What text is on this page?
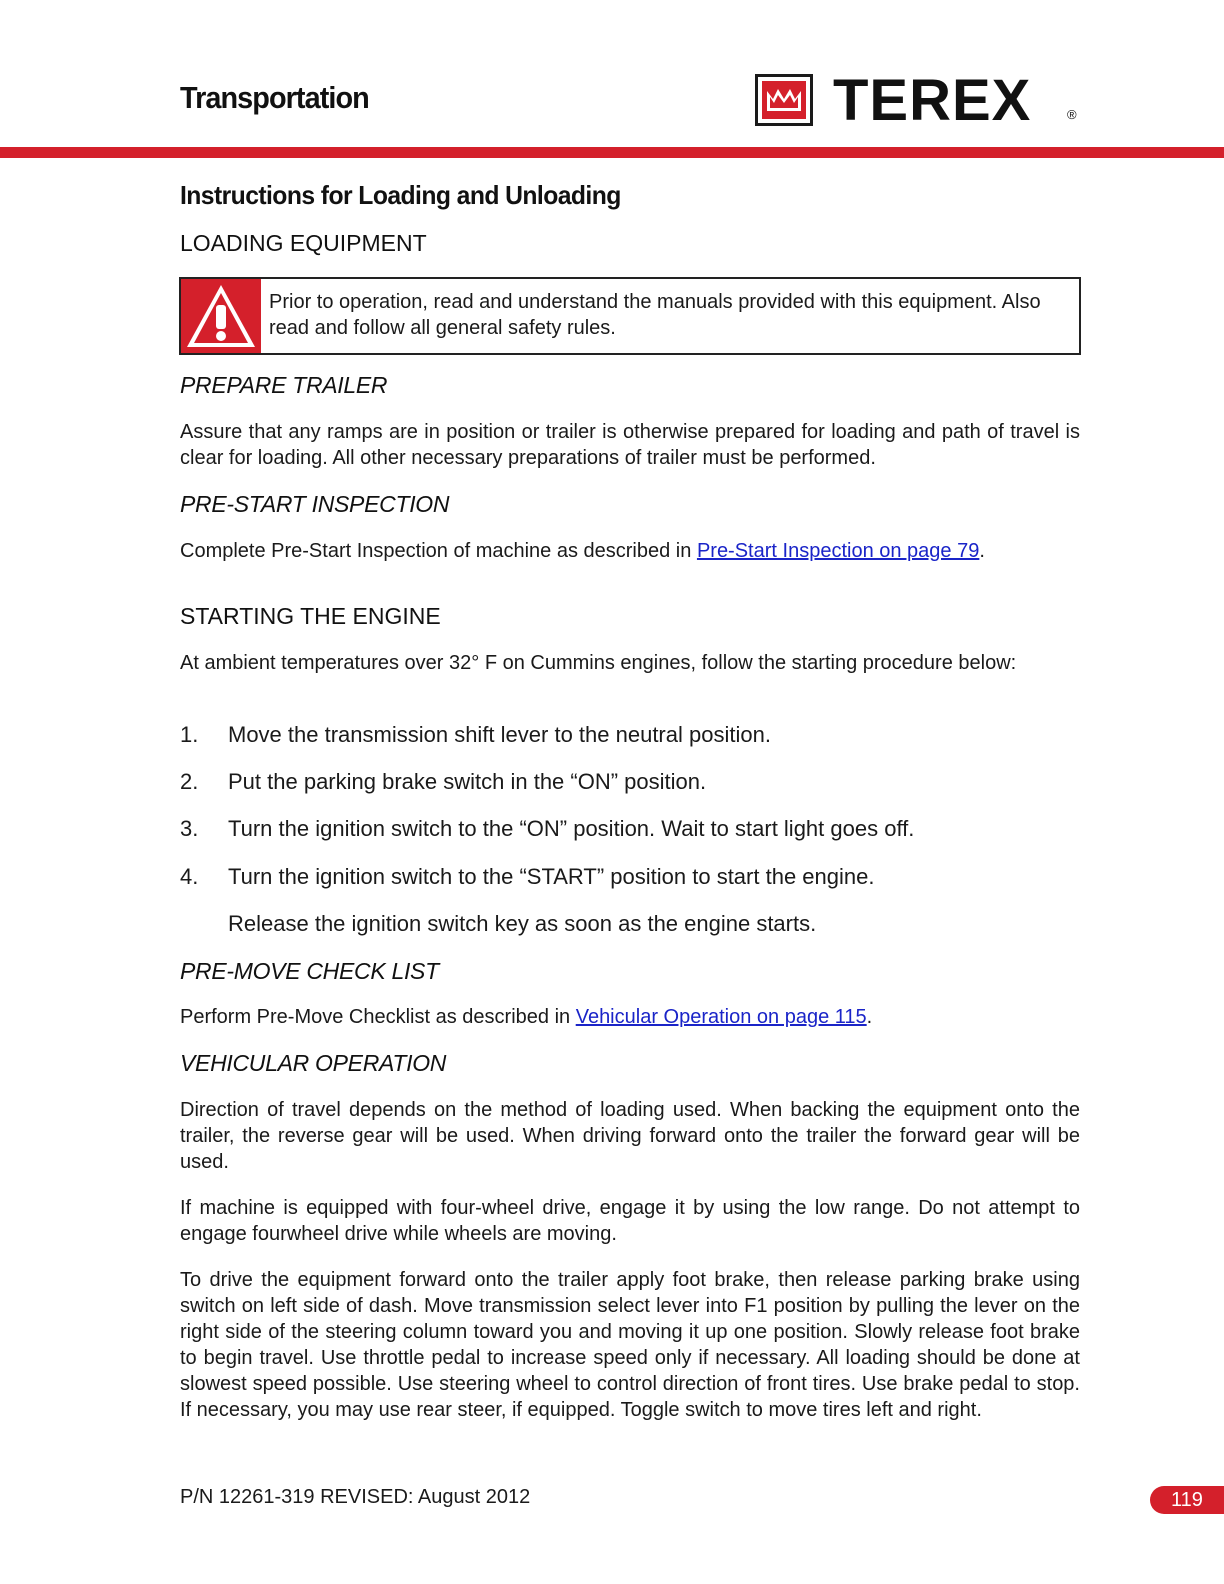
Transportation	TEREX	®
Instructions for Loading and Unloading
LOADING EQUIPMENT
Prior to operation, read and understand the manuals provided with this equipment. Also read and follow all general safety rules.
PREPARE TRAILER
Assure that any ramps are in position or trailer is otherwise prepared for loading and path of travel is clear for loading. All other necessary preparations of trailer must be performed.
PRE-START INSPECTION
Complete Pre-Start Inspection of machine as described in Pre-Start Inspection on page 79.
STARTING THE ENGINE
At ambient temperatures over 32° F on Cummins engines, follow the starting procedure below:
1. Move the transmission shift lever to the neutral position.
2. Put the parking brake switch in the “ON” position.
3. Turn the ignition switch to the “ON” position. Wait to start light goes off.
4. Turn the ignition switch to the “START” position to start the engine.
Release the ignition switch key as soon as the engine starts.
PRE-MOVE CHECK LIST
Perform Pre-Move Checklist as described in Vehicular Operation on page 115.
VEHICULAR OPERATION
Direction of travel depends on the method of loading used. When backing the equipment onto the trailer, the reverse gear will be used. When driving forward onto the trailer the forward gear will be used.
If machine is equipped with four-wheel drive, engage it by using the low range. Do not attempt to engage fourwheel drive while wheels are moving.
To drive the equipment forward onto the trailer apply foot brake, then release parking brake using switch on left side of dash. Move transmission select lever into F1 position by pulling the lever on the right side of the steering column toward you and moving it up one position. Slowly release foot brake to begin travel. Use throttle pedal to increase speed only if necessary. All loading should be done at slowest speed possible. Use steering wheel to control direction of front tires. Use brake pedal to stop. If necessary, you may use rear steer, if equipped. Toggle switch to move tires left and right.
P/N 12261-319 REVISED: August 2012	119
